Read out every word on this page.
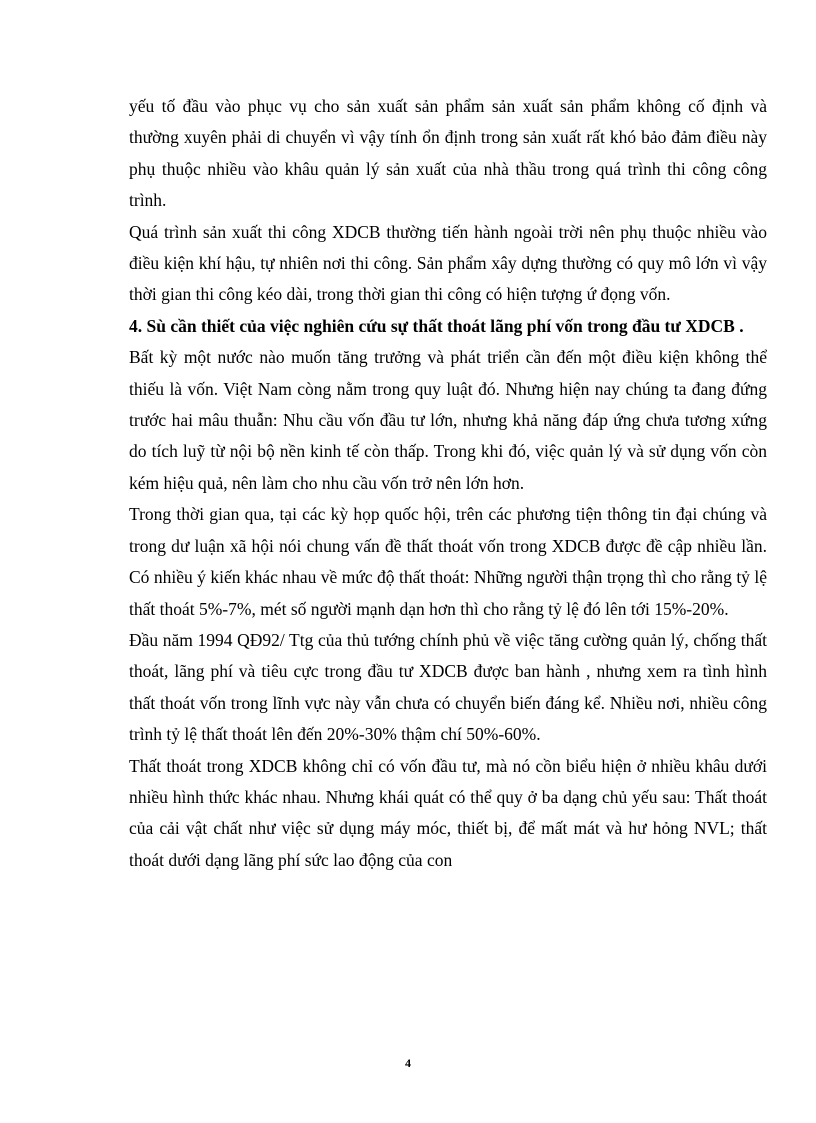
yếu tố đầu vào phục vụ cho sản xuất sản phẩm sản xuất sản phẩm không cố định và thường xuyên phải di chuyển vì vậy tính ổn định trong sản xuất rất khó bảo đảm điều này phụ thuộc nhiều vào khâu quản lý sản xuất của nhà thầu trong quá trình thi công công trình.

Quá trình sản xuất thi công XDCB thường tiến hành ngoài trời nên phụ thuộc nhiều vào điều kiện khí hậu, tự nhiên nơi thi công. Sản phẩm xây dựng thường có quy mô lớn vì vậy thời gian thi công kéo dài, trong thời gian thi công có hiện tượng ứ đọng vốn.

4. Sù cần thiết của việc nghiên cứu sự thất thoát lãng phí vốn trong đầu tư XDCB .

Bất kỳ một nước nào muốn tăng trưởng và phát triển cần đến một điều kiện không thể thiếu là vốn. Việt Nam còng nằm trong quy luật đó. Nhưng hiện nay chúng ta đang đứng trước hai mâu thuẫn: Nhu cầu vốn đầu tư lớn, nhưng khả năng đáp ứng chưa tương xứng do tích luỹ từ nội bộ nền kinh tế còn thấp. Trong khi đó, việc quản lý và sử dụng vốn còn kém hiệu quả, nên làm cho nhu cầu vốn trở nên lớn hơn.

Trong thời gian qua, tại các kỳ họp quốc hội, trên các phương tiện thông tin đại chúng và trong dư luận xã hội nói chung vấn đề thất thoát vốn trong XDCB được đề cập nhiều lần. Có nhiều ý kiến khác nhau về mức độ thất thoát: Những người thận trọng thì cho rằng tỷ lệ thất thoát 5%-7%, mét số người mạnh dạn hơn thì cho rằng tỷ lệ đó lên tới 15%-20%.

Đầu năm 1994 QĐ92/ Ttg của thủ tướng chính phủ về việc tăng cường quản lý, chống thất thoát, lãng phí và tiêu cực trong đầu tư XDCB được ban hành , nhưng xem ra tình hình thất thoát vốn trong lĩnh vực này vẫn chưa có chuyển biến đáng kể. Nhiều nơi, nhiều công trình tỷ lệ thất thoát lên đến 20%-30% thậm chí 50%-60%.

Thất thoát trong XDCB không chỉ có vốn đầu tư, mà nó cồn biểu hiện ở nhiều khâu dưới nhiều hình thức khác nhau. Nhưng khái quát có thể quy ở ba dạng chủ yếu sau: Thất thoát của cải vật chất như việc sử dụng máy móc, thiết bị, để mất mát và hư hỏng NVL; thất thoát dưới dạng lãng phí sức lao động của con

4
